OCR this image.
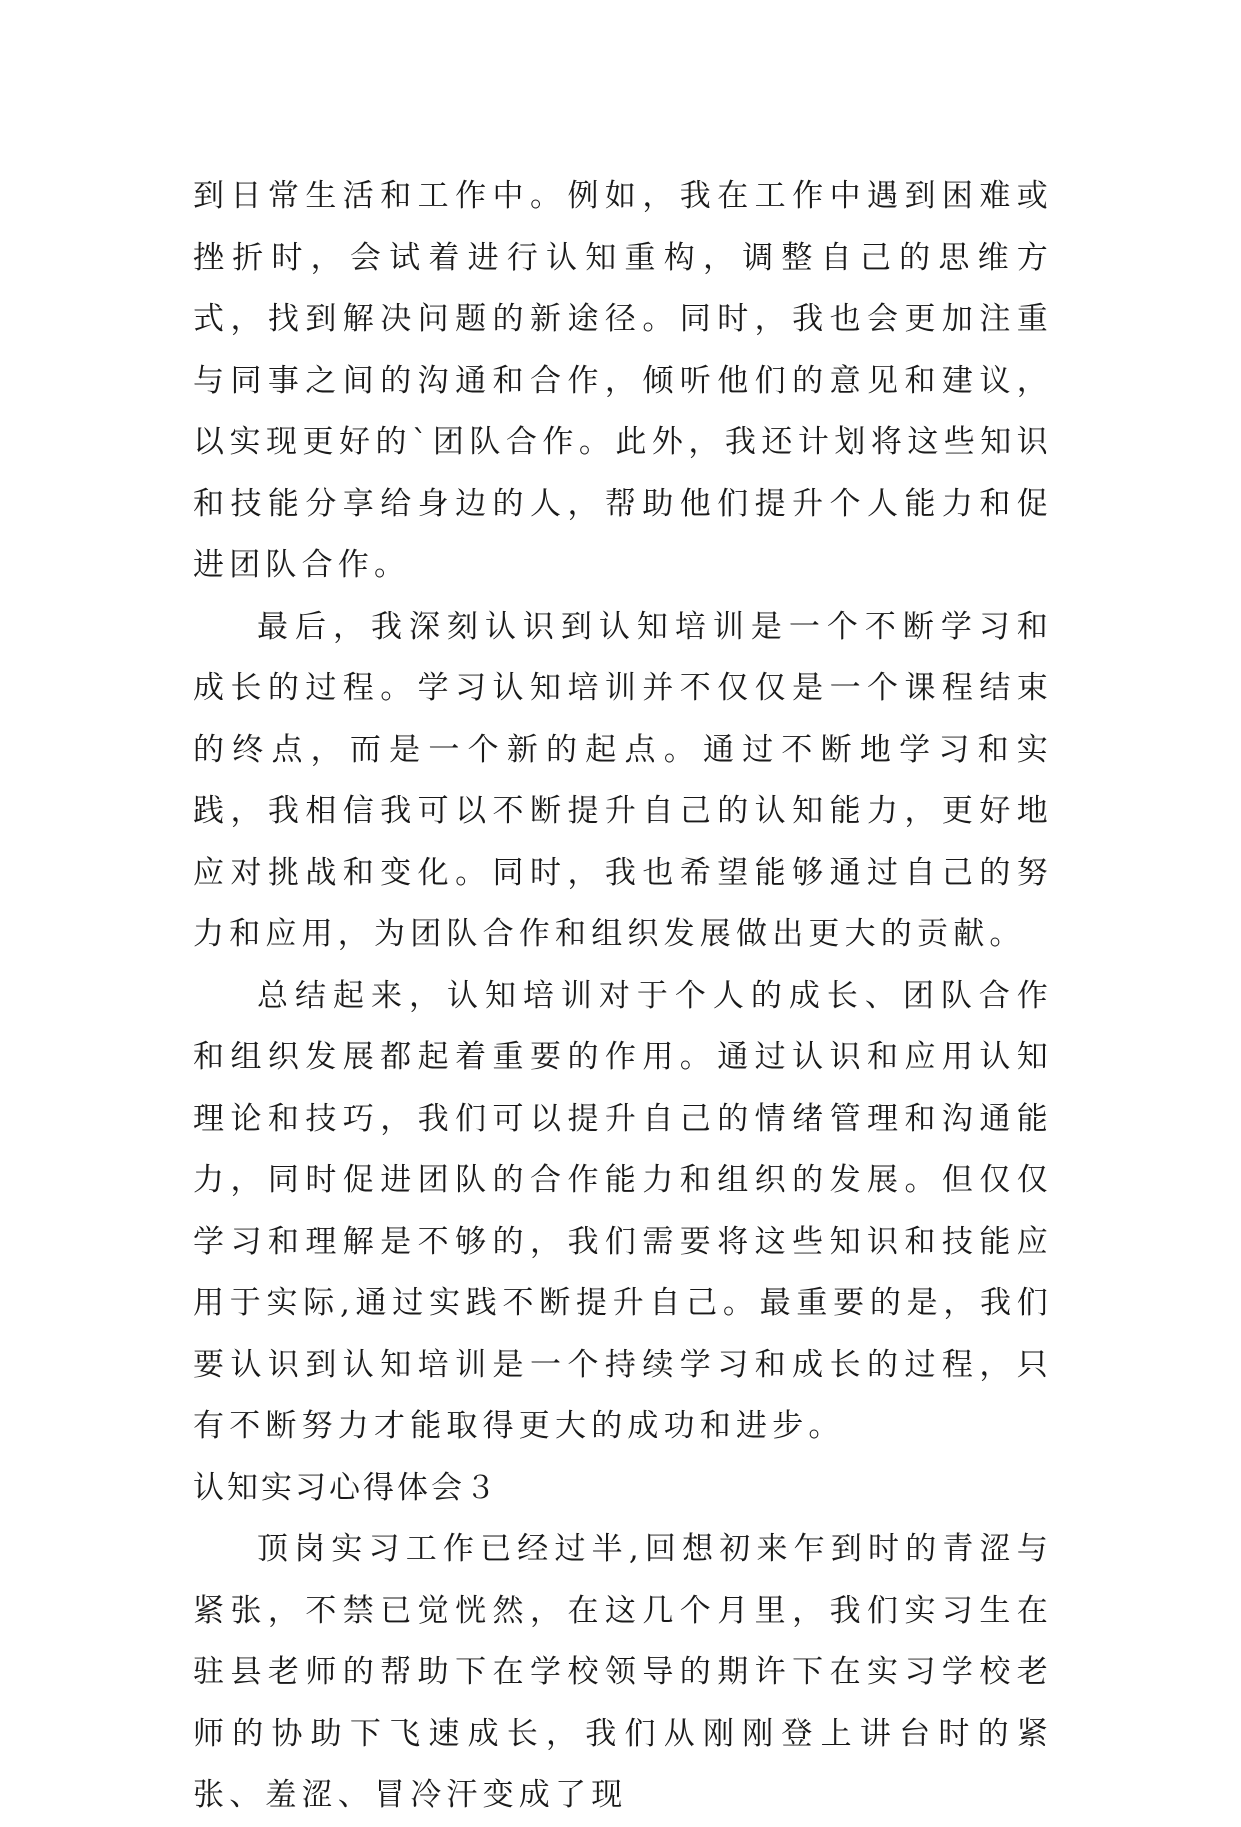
到日常生活和工作中。例如，我在工作中遇到困难或挫折时，会试着进行认知重构，调整自己的思维方式，找到解决问题的新途径。同时，我也会更加注重与同事之间的沟通和合作，倾听他们的意见和建议，以实现更好的`团队合作。此外，我还计划将这些知识和技能分享给身边的人，帮助他们提升个人能力和促进团队合作。

最后，我深刻认识到认知培训是一个不断学习和成长的过程。学习认知培训并不仅仅是一个课程结束的终点，而是一个新的起点。通过不断地学习和实践，我相信我可以不断提升自己的认知能力，更好地应对挑战和变化。同时，我也希望能够通过自己的努力和应用，为团队合作和组织发展做出更大的贡献。

总结起来，认知培训对于个人的成长、团队合作和组织发展都起着重要的作用。通过认识和应用认知理论和技巧，我们可以提升自己的情绪管理和沟通能力，同时促进团队的合作能力和组织的发展。但仅仅学习和理解是不够的，我们需要将这些知识和技能应用于实际,通过实践不断提升自己。最重要的是，我们要认识到认知培训是一个持续学习和成长的过程，只有不断努力才能取得更大的成功和进步。

认知实习心得体会３

顶岗实习工作已经过半,回想初来乍到时的青涩与紧张，不禁已觉恍然，在这几个月里，我们实习生在驻县老师的帮助下在学校领导的期许下在实习学校老师的协助下飞速成长，我们从刚刚登上讲台时的紧张、羞涩、冒冷汗变成了现
